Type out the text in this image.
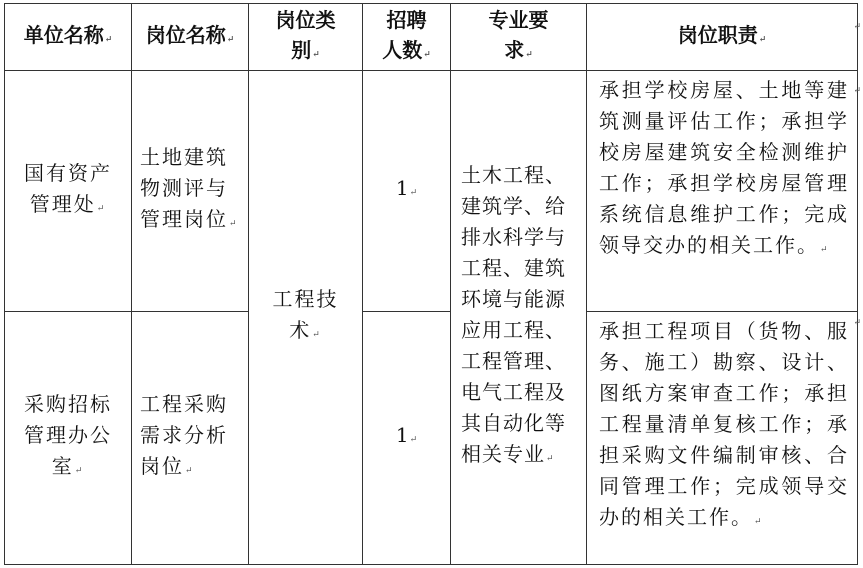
单位名称↵	岗位名称↵	岗位类别↵	招聘人数↵	专业要求↵	岗位职责↵
国有资产管理处↵	土地建筑物测评与管理岗位↵	工程技术↵	1↵	土木工程、建筑学、给排水科学与工程、建筑环境与能源应用工程、工程管理、电气工程及其自动化等相关专业↵	承担学校房屋、土地等建筑测量评估工作；承担学校房屋建筑安全检测维护工作；承担学校房屋管理系统信息维护工作；完成领导交办的相关工作。↵
采购招标管理办公室↵	工程采购需求分析岗位↵		1↵		承担工程项目（货物、服务、施工）勘察、设计、图纸方案审查工作；承担工程量清单复核工作；承担采购文件编制审核、合同管理工作；完成领导交办的相关工作。↵
↵
↵
↵
